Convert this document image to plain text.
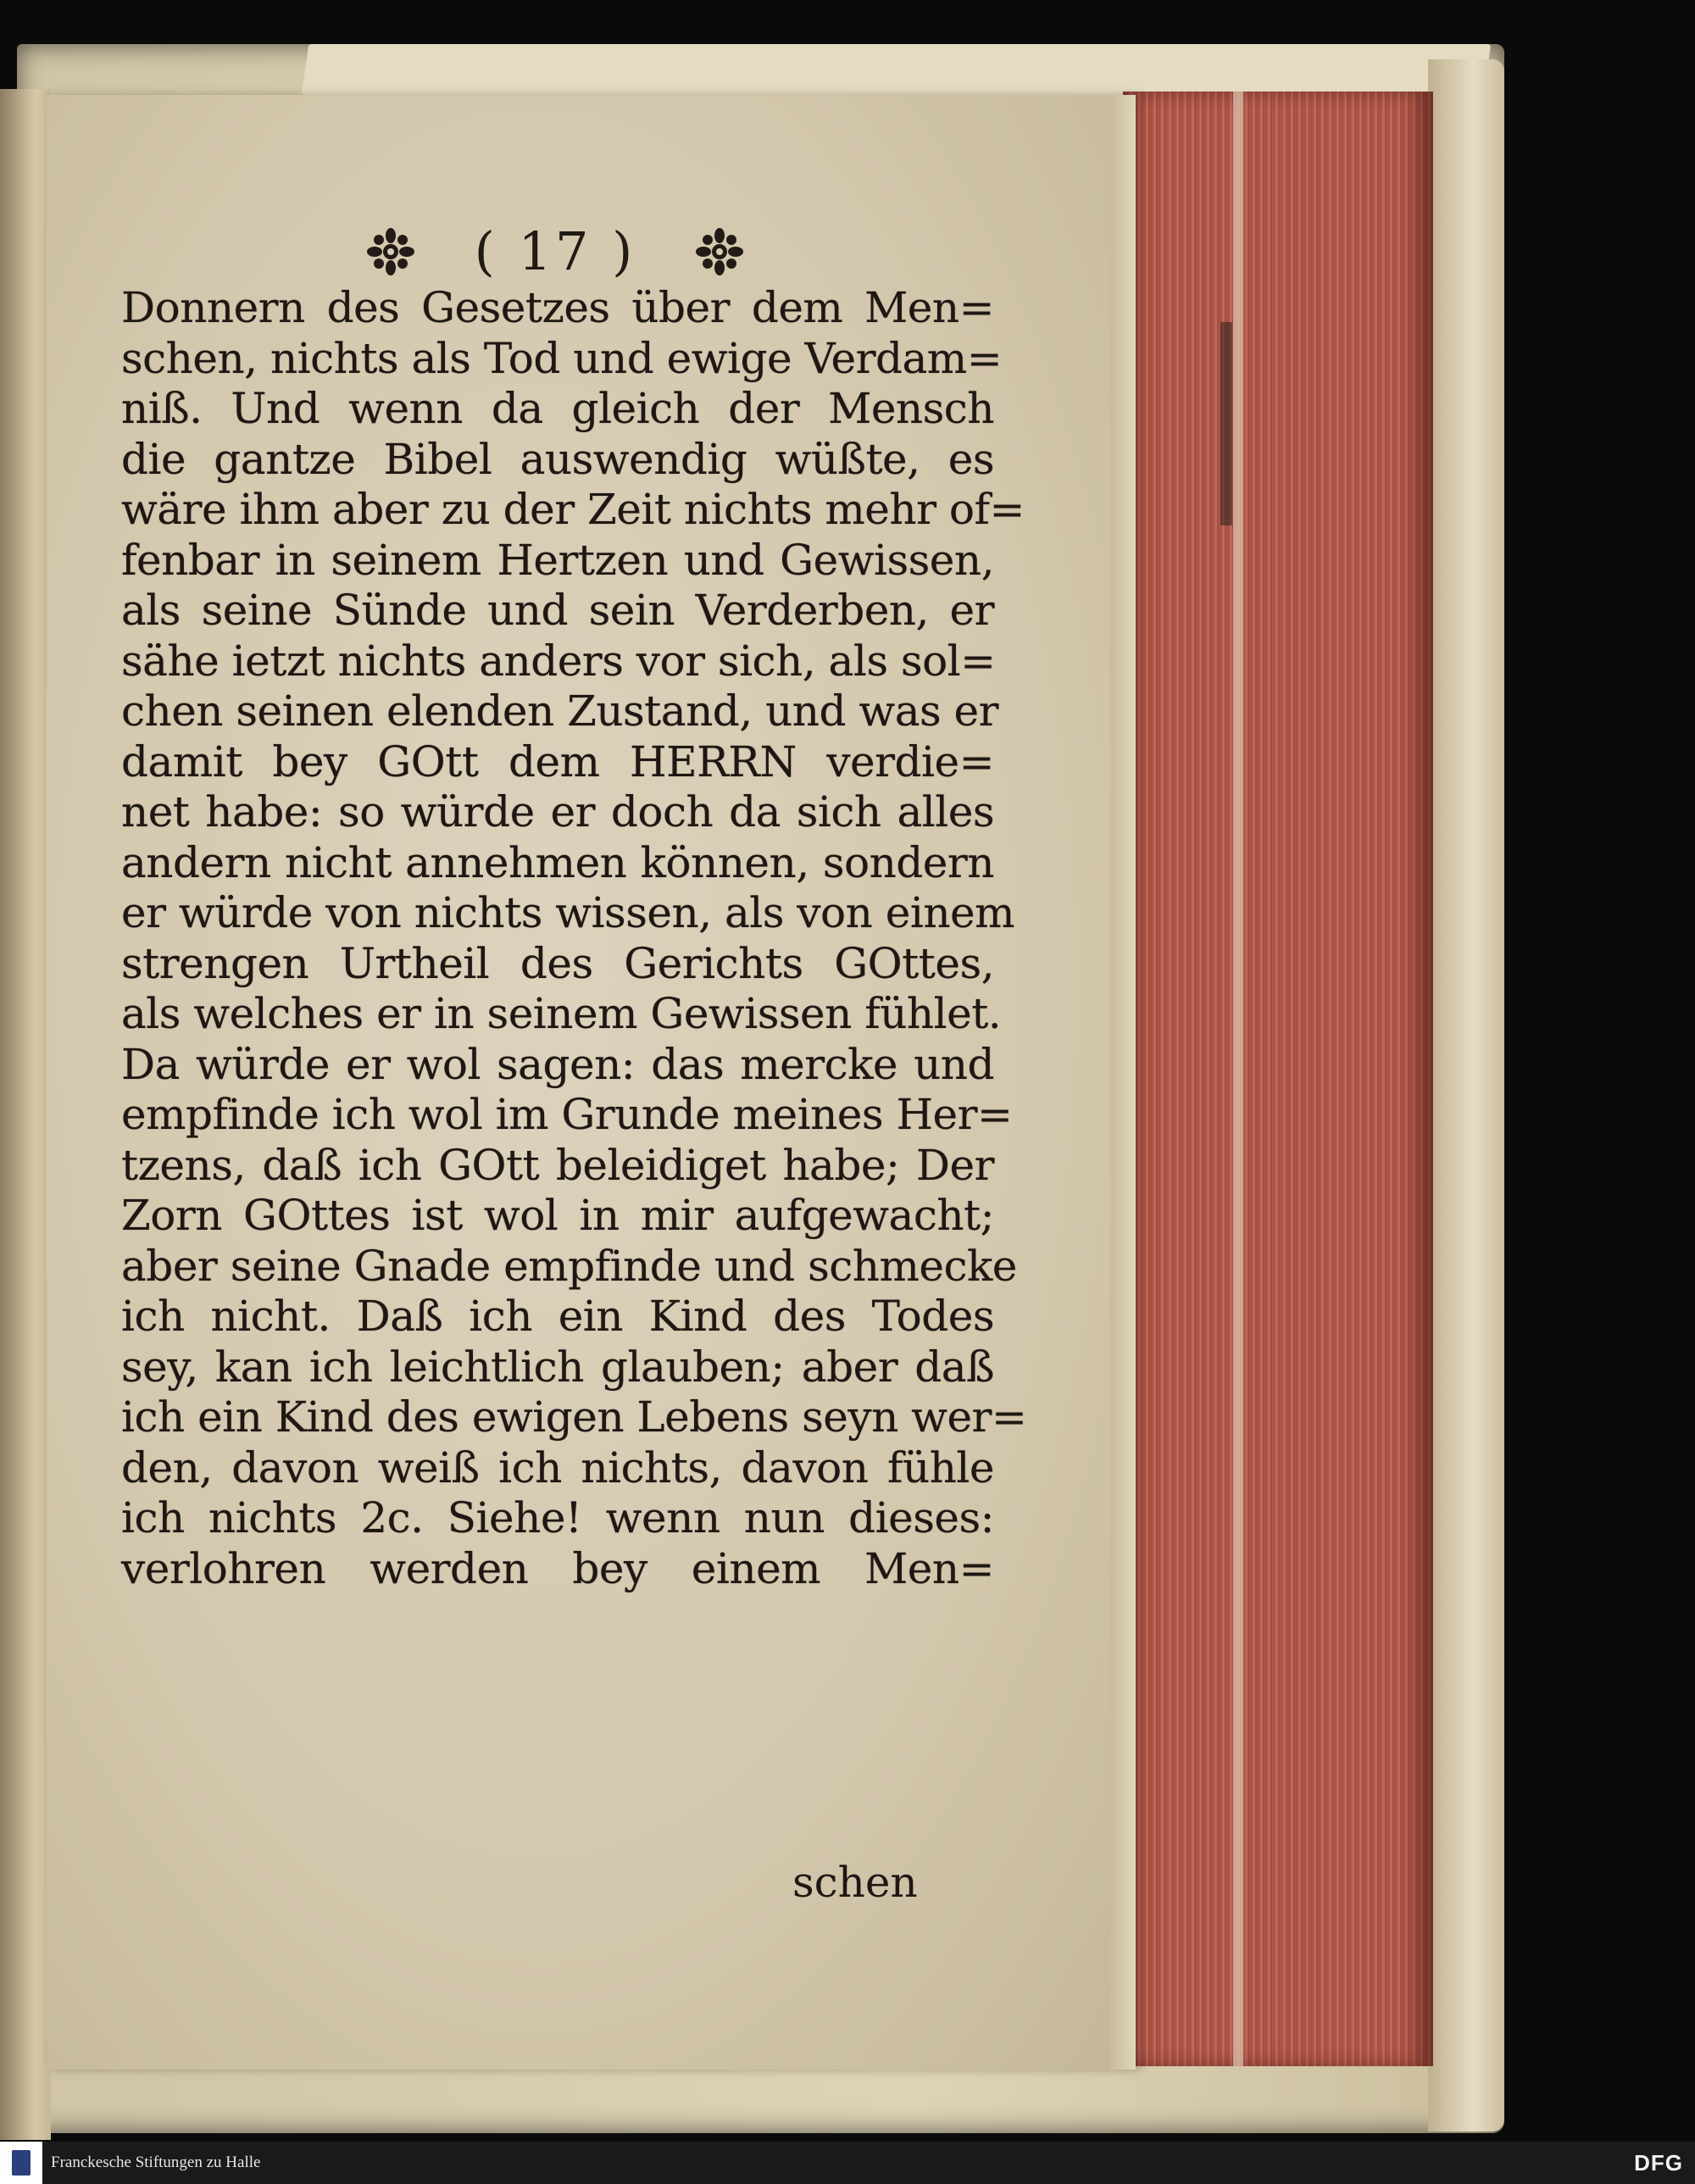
( 17 )
Donnern des Gesetzes über dem Men=
schen, nichts als Tod und ewige Verdam=
niß. Und wenn da gleich der Mensch
die gantze Bibel auswendig wüßte, es
wäre ihm aber zu der Zeit nichts mehr of=
fenbar in seinem Hertzen und Gewissen,
als seine Sünde und sein Verderben, er
sähe ietzt nichts anders vor sich, als sol=
chen seinen elenden Zustand, und was er
damit bey GOtt dem HERRN verdie=
net habe: so würde er doch da sich alles
andern nicht annehmen können, sondern
er würde von nichts wissen, als von einem
strengen Urtheil des Gerichts GOttes,
als welches er in seinem Gewissen fühlet.
Da würde er wol sagen: das mercke und
empfinde ich wol im Grunde meines Her=
tzens, daß ich GOtt beleidiget habe; Der
Zorn GOttes ist wol in mir aufgewacht;
aber seine Gnade empfinde und schmecke
ich nicht. Daß ich ein Kind des Todes
sey, kan ich leichtlich glauben; aber daß
ich ein Kind des ewigen Lebens seyn wer=
den, davon weiß ich nichts, davon fühle
ich nichts 2c. Siehe! wenn nun dieses:
verlohren werden bey einem Men=
schen
Franckesche Stiftungen zu Halle	DFG
